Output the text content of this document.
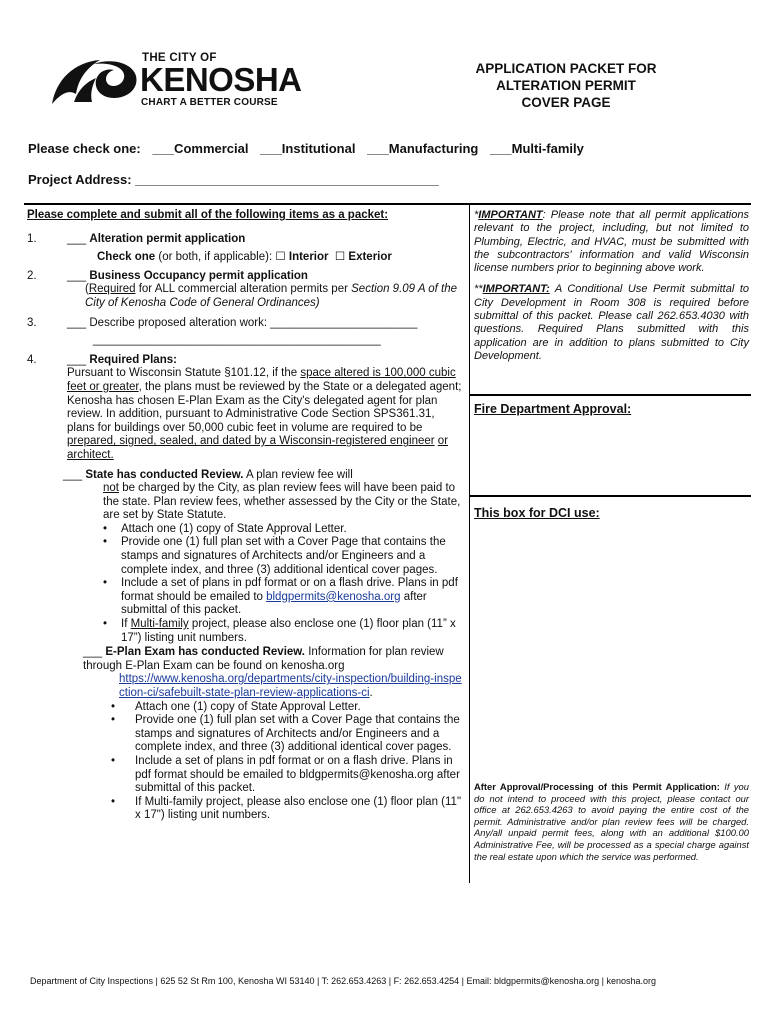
THE CITY OF
KENOSHA
CHART A BETTER COURSE
APPLICATION PACKET FOR
ALTERATION PERMIT
COVER PAGE
Please check one: ___Commercial ___Institutional ___Manufacturing ___Multi-family
Project Address: __________________________________________
Please complete and submit all of the following items as a packet:
1.	___ Alteration permit application
Check one (or both, if applicable): ☐ Interior ☐ Exterior
2.	___ Business Occupancy permit application
(Required for ALL commercial alteration permits per Section 9.09 A of the City of Kenosha Code of General Ordinances)
3.	___ Describe proposed alteration work: _______________________
_____________________________________________
4.	___ Required Plans:
Pursuant to Wisconsin Statute §101.12, if the space altered is 100,000 cubic feet or greater, the plans must be reviewed by the State or a delegated agent; Kenosha has chosen E-Plan Exam as the City's delegated agent for plan review. In addition, pursuant to Administrative Code Section SPS361.31, plans for buildings over 50,000 cubic feet in volume are required to be prepared, signed, sealed, and dated by a Wisconsin-registered engineer or architect.
___ State has conducted Review. A plan review fee will
not be charged by the City, as plan review fees will have been paid to the state. Plan review fees, whether assessed by the City or the State, are set by State Statute.
• Attach one (1) copy of State Approval Letter.
• Provide one (1) full plan set with a Cover Page that contains the stamps and signatures of Architects and/or Engineers and a complete index, and three (3) additional identical cover pages.
• Include a set of plans in pdf format or on a flash drive. Plans in pdf format should be emailed to bldgpermits@kenosha.org after submittal of this packet.
• If Multi-family project, please also enclose one (1) floor plan (11” x 17”) listing unit numbers.
___ E-Plan Exam has conducted Review. Information for plan review through E-Plan Exam can be found on kenosha.org
https://www.kenosha.org/departments/city-inspection/building-inspection-ci/safebuilt-state-plan-review-applications-ci.
• Attach one (1) copy of State Approval Letter.
• Provide one (1) full plan set with a Cover Page that contains the stamps and signatures of Architects and/or Engineers and a complete index, and three (3) additional identical cover pages.
• Include a set of plans in pdf format or on a flash drive. Plans in pdf format should be emailed to bldgpermits@kenosha.org after submittal of this packet.
• If Multi-family project, please also enclose one (1) floor plan (11" x 17") listing unit numbers.
*IMPORTANT: Please note that all permit applications relevant to the project, including, but not limited to Plumbing, Electric, and HVAC, must be submitted with the subcontractors' information and valid Wisconsin license numbers prior to beginning above work.
**IMPORTANT: A Conditional Use Permit submittal to City Development in Room 308 is required before submittal of this packet. Please call 262.653.4030 with questions. Required Plans submitted with this application are in addition to plans submitted to City Development.
Fire Department Approval:
This box for DCI use:
After Approval/Processing of this Permit Application: If you do not intend to proceed with this project, please contact our office at 262.653.4263 to avoid paying the entire cost of the permit. Administrative and/or plan review fees will be charged. Any/all unpaid permit fees, along with an additional $100.00 Administrative Fee, will be processed as a special charge against the real estate upon which the service was performed.
Department of City Inspections | 625 52 St Rm 100, Kenosha WI 53140 | T: 262.653.4263 | F: 262.653.4254 | Email: bldgpermits@kenosha.org | kenosha.org
